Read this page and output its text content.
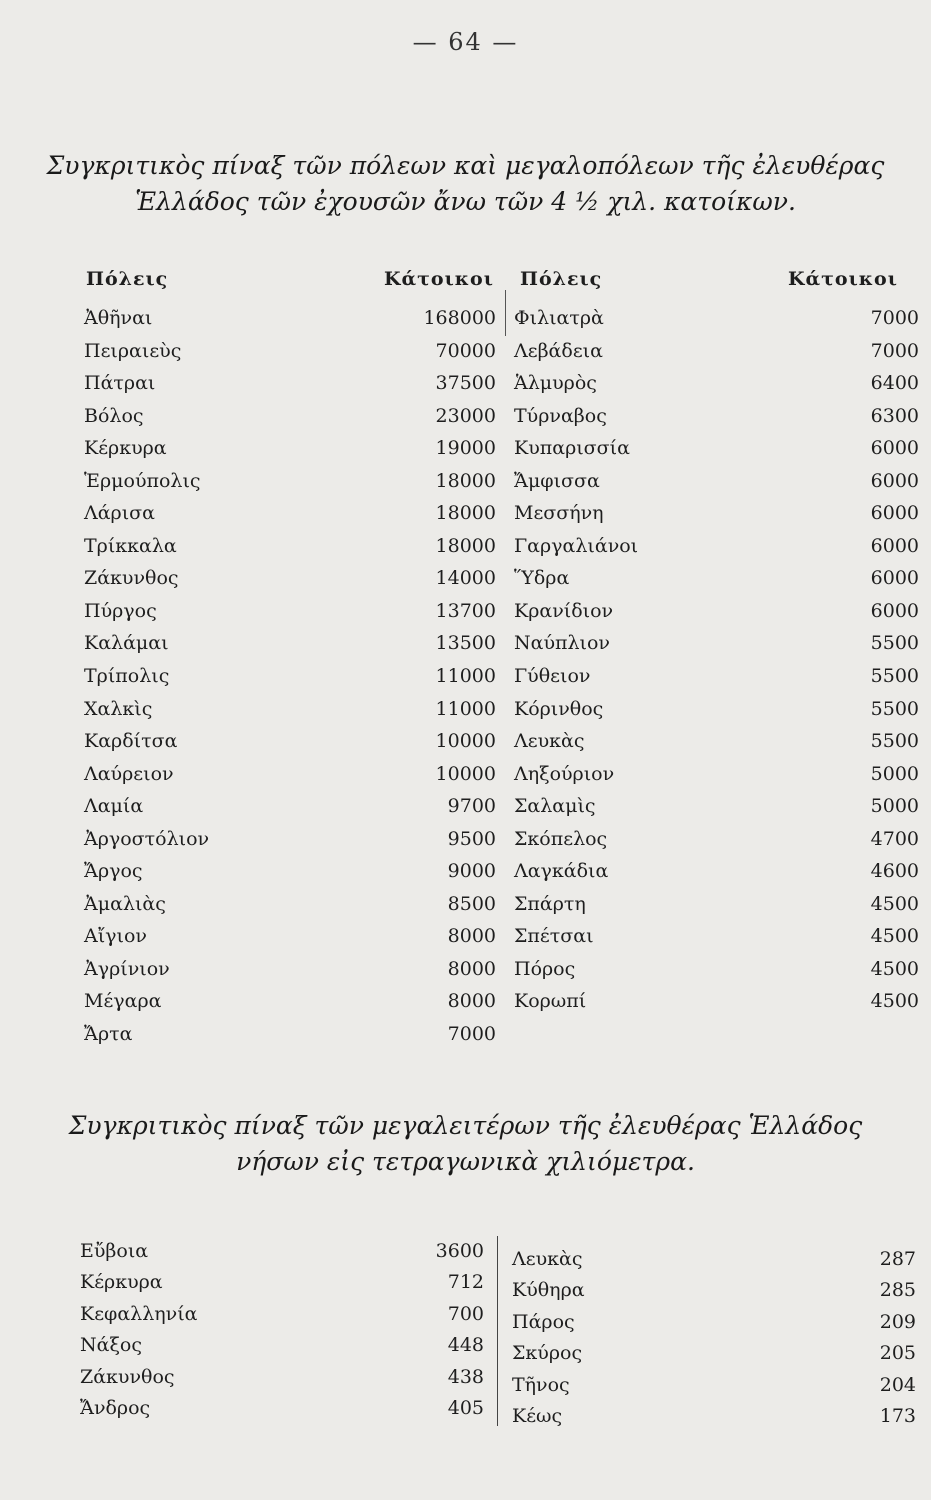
— 64 —
Συγκριτικὸς πίναξ τῶν πόλεων καὶ μεγαλοπόλεων τῆς ἐλευθέρας
Ἑλλάδος τῶν ἐχουσῶν ἄνω τῶν 4 ½ χιλ. κατοίκων.
Πόλεις	Κάτοικοι Πόλεις	Κάτοικοι
Ἀθῆναι	168000
Πειραιεὺς	70000
Πάτραι	37500
Βόλος	23000
Κέρκυρα	19000
Ἑρμούπολις	18000
Λάρισα	18000
Τρίκκαλα	18000
Ζάκυνθος	14000
Πύργος	13700
Καλάμαι	13500
Τρίπολις	11000
Χαλκὶς	11000
Καρδίτσα	10000
Λαύρειον	10000
Λαμία	9700
Ἀργοστόλιον	9500
Ἄργος	9000
Ἀμαλιὰς	8500
Αἴγιον	8000
Ἀγρίνιον	8000
Μέγαρα	8000
Ἄρτα	7000
Φιλιατρὰ	7000
Λεβάδεια	7000
Ἁλμυρὸς	6400
Τύρναβος	6300
Κυπαρισσία	6000
Ἄμφισσα	6000
Μεσσήνη	6000
Γαργαλιάνοι	6000
Ὕδρα	6000
Κρανίδιον	6000
Ναύπλιον	5500
Γύθειον	5500
Κόρινθος	5500
Λευκὰς	5500
Ληξούριον	5000
Σαλαμὶς	5000
Σκόπελος	4700
Λαγκάδια	4600
Σπάρτη	4500
Σπέτσαι	4500
Πόρος	4500
Κορωπί	4500
Συγκριτικὸς πίναξ τῶν μεγαλειτέρων τῆς ἐλευθέρας Ἑλλάδος
νήσων εἰς τετραγωνικὰ χιλιόμετρα.
Εὔβοια	3600
Κέρκυρα	712
Κεφαλληνία	700
Νάξος	448
Ζάκυνθος	438
Ἄνδρος	405
Λευκὰς	287
Κύθηρα	285
Πάρος	209
Σκύρος	205
Τῆνος	204
Κέως	173
